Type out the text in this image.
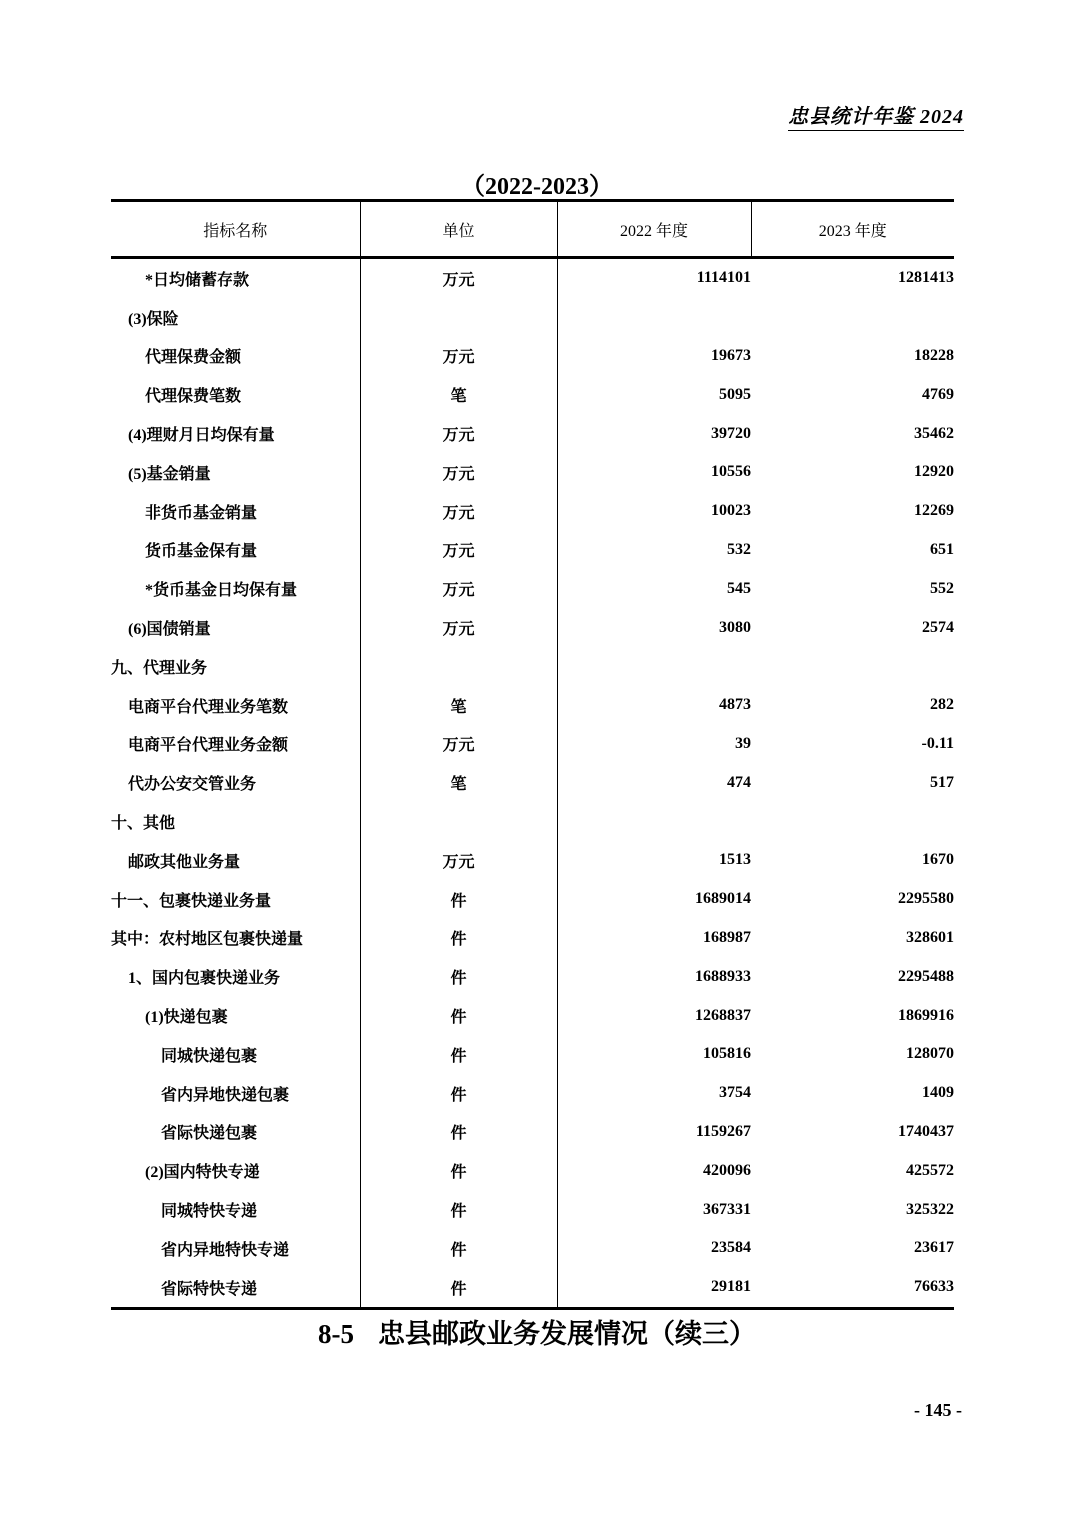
忠县统计年鉴 2024
（2022-2023）
指标名称	单位	2022 年度	2023 年度
*日均储蓄存款	万元	1114101	1281413
(3)保险			
代理保费金额	万元	19673	18228
代理保费笔数	笔	5095	4769
(4)理财月日均保有量	万元	39720	35462
(5)基金销量	万元	10556	12920
非货币基金销量	万元	10023	12269
货币基金保有量	万元	532	651
*货币基金日均保有量	万元	545	552
(6)国债销量	万元	3080	2574
九、代理业务			
电商平台代理业务笔数	笔	4873	282
电商平台代理业务金额	万元	39	-0.11
代办公安交管业务	笔	474	517
十、其他			
邮政其他业务量	万元	1513	1670
十一、包裹快递业务量	件	1689014	2295580
其中：农村地区包裹快递量	件	168987	328601
1、国内包裹快递业务	件	1688933	2295488
(1)快递包裹	件	1268837	1869916
同城快递包裹	件	105816	128070
省内异地快递包裹	件	3754	1409
省际快递包裹	件	1159267	1740437
(2)国内特快专递	件	420096	425572
同城特快专递	件	367331	325322
省内异地特快专递	件	23584	23617
省际特快专递	件	29181	76633
8-5 忠县邮政业务发展情况（续三）
- 145 -
